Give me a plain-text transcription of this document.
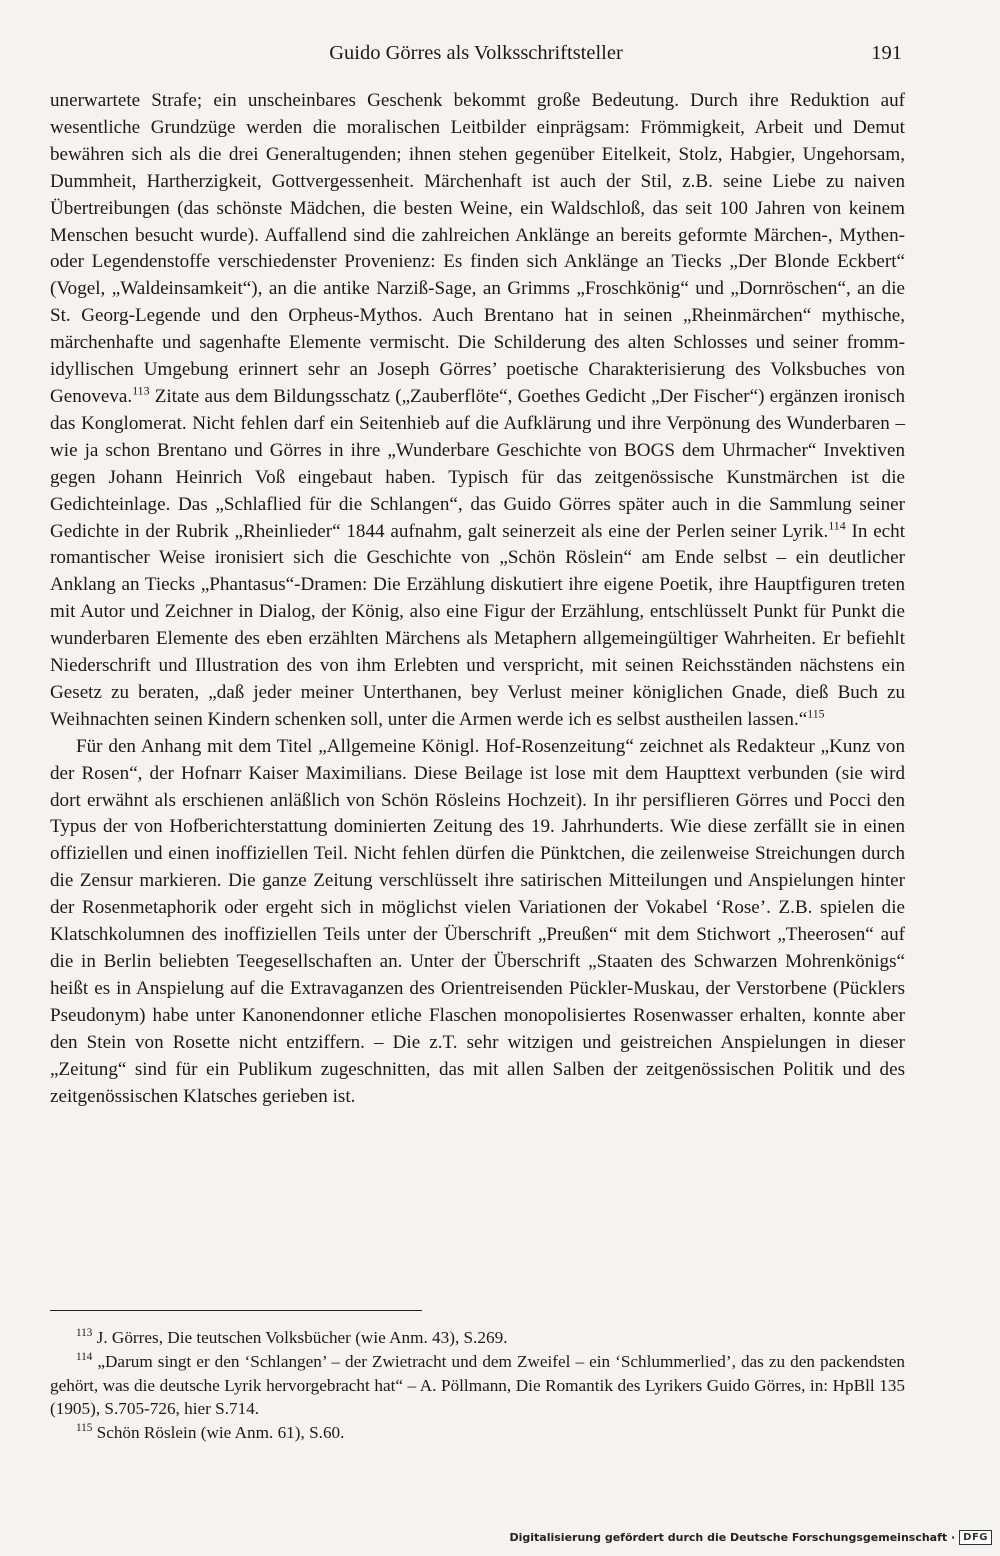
Guido Görres als Volksschriftsteller	191

unerwartete Strafe; ein unscheinbares Geschenk bekommt große Bedeutung. Durch ihre Reduktion auf wesentliche Grundzüge werden die moralischen Leitbilder einprägsam: Frömmigkeit, Arbeit und Demut bewähren sich als die drei Generaltugenden; ihnen stehen gegenüber Eitelkeit, Stolz, Habgier, Ungehorsam, Dummheit, Hartherzigkeit, Gottvergessenheit. Märchenhaft ist auch der Stil, z.B. seine Liebe zu naiven Übertreibungen (das schönste Mädchen, die besten Weine, ein Waldschloß, das seit 100 Jahren von keinem Menschen besucht wurde). Auffallend sind die zahlreichen Anklänge an bereits geformte Märchen-, Mythen- oder Legendenstoffe verschiedenster Provenienz: Es finden sich Anklänge an Tiecks „Der Blonde Eckbert“ (Vogel, „Waldeinsamkeit“), an die antike Narziß-Sage, an Grimms „Froschkönig“ und „Dornröschen“, an die St. Georg-Legende und den Orpheus-Mythos. Auch Brentano hat in seinen „Rheinmärchen“ mythische, märchenhafte und sagenhafte Elemente vermischt. Die Schilderung des alten Schlosses und seiner fromm-idyllischen Umgebung erinnert sehr an Joseph Görres’ poetische Charakterisierung des Volksbuches von Genoveva.$^{113}$ Zitate aus dem Bildungsschatz („Zauberflöte“, Goethes Gedicht „Der Fischer“) ergänzen ironisch das Konglomerat. Nicht fehlen darf ein Seitenhieb auf die Aufklärung und ihre Verpönung des Wunderbaren – wie ja schon Brentano und Görres in ihre „Wunderbare Geschichte von BOGS dem Uhrmacher“ Invektiven gegen Johann Heinrich Voß eingebaut haben. Typisch für das zeitgenössische Kunstmärchen ist die Gedichteinlage. Das „Schlaflied für die Schlangen“, das Guido Görres später auch in die Sammlung seiner Gedichte in der Rubrik „Rheinlieder“ 1844 aufnahm, galt seinerzeit als eine der Perlen seiner Lyrik.$^{114}$ In echt romantischer Weise ironisiert sich die Geschichte von „Schön Röslein“ am Ende selbst – ein deutlicher Anklang an Tiecks „Phantasus“-Dramen: Die Erzählung diskutiert ihre eigene Poetik, ihre Hauptfiguren treten mit Autor und Zeichner in Dialog, der König, also eine Figur der Erzählung, entschlüsselt Punkt für Punkt die wunderbaren Elemente des eben erzählten Märchens als Metaphern allgemeingültiger Wahrheiten. Er befiehlt Niederschrift und Illustration des von ihm Erlebten und verspricht, mit seinen Reichsständen nächstens ein Gesetz zu beraten, „daß jeder meiner Unterthanen, bey Verlust meiner königlichen Gnade, dieß Buch zu Weihnachten seinen Kindern schenken soll, unter die Armen werde ich es selbst austheilen lassen.“$^{115}$

Für den Anhang mit dem Titel „Allgemeine Königl. Hof-Rosenzeitung“ zeichnet als Redakteur „Kunz von der Rosen“, der Hofnarr Kaiser Maximilians. Diese Beilage ist lose mit dem Haupttext verbunden (sie wird dort erwähnt als erschienen anläßlich von Schön Rösleins Hochzeit). In ihr persiflieren Görres und Pocci den Typus der von Hofberichterstattung dominierten Zeitung des 19. Jahrhunderts. Wie diese zerfällt sie in einen offiziellen und einen inoffiziellen Teil. Nicht fehlen dürfen die Pünktchen, die zeilenweise Streichungen durch die Zensur markieren. Die ganze Zeitung verschlüsselt ihre satirischen Mitteilungen und Anspielungen hinter der Rosenmetaphorik oder ergeht sich in möglichst vielen Variationen der Vokabel ‘Rose’. Z.B. spielen die Klatschkolumnen des inoffiziellen Teils unter der Überschrift „Preußen“ mit dem Stichwort „Theerosen“ auf die in Berlin beliebten Teegesellschaften an. Unter der Überschrift „Staaten des Schwarzen Mohrenkönigs“ heißt es in Anspielung auf die Extravaganzen des Orientreisenden Pückler-Muskau, der Verstorbene (Pücklers Pseudonym) habe unter Kanonendonner etliche Flaschen monopolisiertes Rosenwasser erhalten, konnte aber den Stein von Rosette nicht entziffern. – Die z.T. sehr witzigen und geistreichen Anspielungen in dieser „Zeitung“ sind für ein Publikum zugeschnitten, das mit allen Salben der zeitgenössischen Politik und des zeitgenössischen Klatsches gerieben ist.

$^{113}$ J. Görres, Die teutschen Volksbücher (wie Anm. 43), S.269.

$^{114}$ „Darum singt er den ‘Schlangen’ – der Zwietracht und dem Zweifel – ein ‘Schlummerlied’, das zu den packendsten gehört, was die deutsche Lyrik hervorgebracht hat“ – A. Pöllmann, Die Romantik des Lyrikers Guido Görres, in: HpBll 135 (1905), S.705-726, hier S.714.

$^{115}$ Schön Röslein (wie Anm. 61), S.60.

Digitalisierung gefördert durch die Deutsche Forschungsgemeinschaft · DFG
